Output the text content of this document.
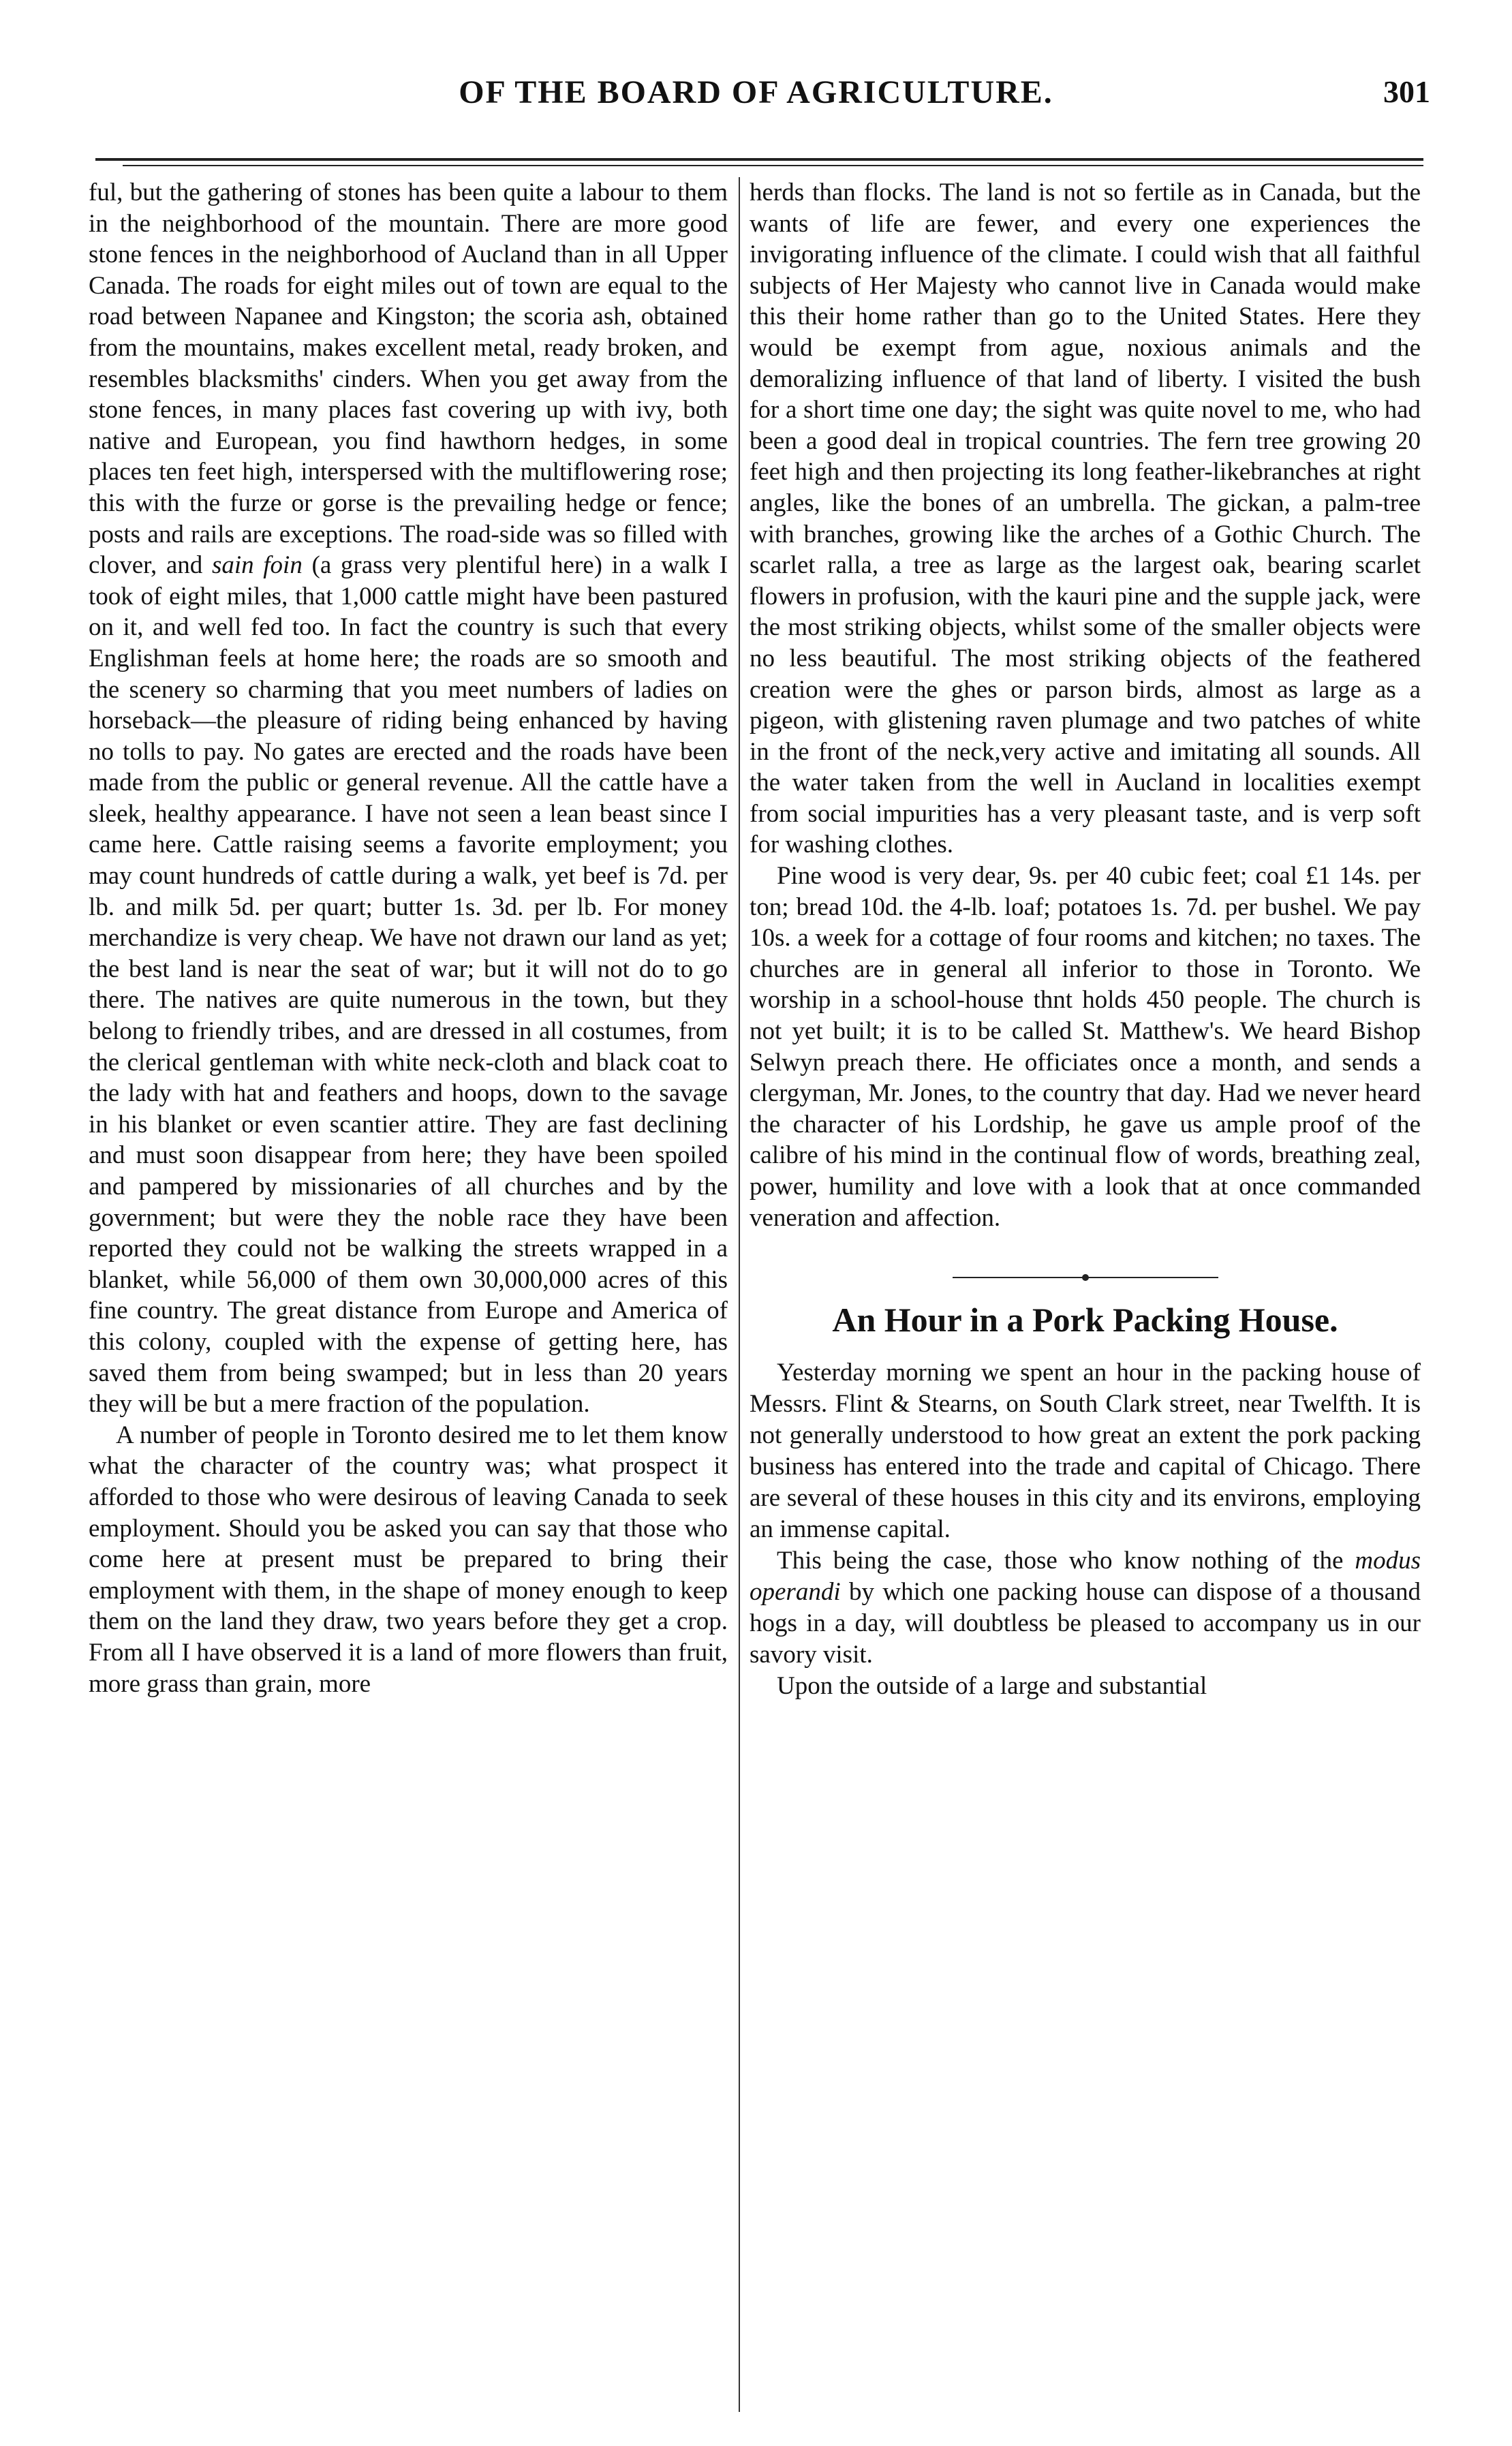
OF THE BOARD OF AGRICULTURE.	301

ful, but the gathering of stones has been quite a labour to them in the neighborhood of the mountain. There are more good stone fences in the neighborhood of Aucland than in all Upper Canada. The roads for eight miles out of town are equal to the road between Napanee and Kingston; the scoria ash, obtained from the mountains, makes excellent metal, ready broken, and resembles blacksmiths' cinders. When you get away from the stone fences, in many places fast covering up with ivy, both native and European, you find hawthorn hedges, in some places ten feet high, interspersed with the multiflowering rose; this with the furze or gorse is the prevailing hedge or fence; posts and rails are exceptions. The road-side was so filled with clover, and sain foin (a grass very plentiful here) in a walk I took of eight miles, that 1,000 cattle might have been pastured on it, and well fed too. In fact the country is such that every Englishman feels at home here; the roads are so smooth and the scenery so charming that you meet numbers of ladies on horseback—the pleasure of riding being enhanced by having no tolls to pay. No gates are erected and the roads have been made from the public or general revenue. All the cattle have a sleek, healthy appearance. I have not seen a lean beast since I came here. Cattle raising seems a favorite employment; you may count hundreds of cattle during a walk, yet beef is 7d. per lb. and milk 5d. per quart; butter 1s. 3d. per lb. For money merchandize is very cheap. We have not drawn our land as yet; the best land is near the seat of war; but it will not do to go there. The natives are quite numerous in the town, but they belong to friendly tribes, and are dressed in all costumes, from the clerical gentleman with white neck-cloth and black coat to the lady with hat and feathers and hoops, down to the savage in his blanket or even scantier attire. They are fast declining and must soon disappear from here; they have been spoiled and pampered by missionaries of all churches and by the government; but were they the noble race they have been reported they could not be walking the streets wrapped in a blanket, while 56,000 of them own 30,000,000 acres of this fine country. The great distance from Europe and America of this colony, coupled with the expense of getting here, has saved them from being swamped; but in less than 20 years they will be but a mere fraction of the population.

A number of people in Toronto desired me to let them know what the character of the country was; what prospect it afforded to those who were desirous of leaving Canada to seek employment. Should you be asked you can say that those who come here at present must be prepared to bring their employment with them, in the shape of money enough to keep them on the land they draw, two years before they get a crop. From all I have observed it is a land of more flowers than fruit, more grass than grain, more

herds than flocks. The land is not so fertile as in Canada, but the wants of life are fewer, and every one experiences the invigorating influence of the climate. I could wish that all faithful subjects of Her Majesty who cannot live in Canada would make this their home rather than go to the United States. Here they would be exempt from ague, noxious animals and the demoralizing influence of that land of liberty. I visited the bush for a short time one day; the sight was quite novel to me, who had been a good deal in tropical countries. The fern tree growing 20 feet high and then projecting its long feather-likebranches at right angles, like the bones of an umbrella. The gickan, a palm-tree with branches, growing like the arches of a Gothic Church. The scarlet ralla, a tree as large as the largest oak, bearing scarlet flowers in profusion, with the kauri pine and the supple jack, were the most striking objects, whilst some of the smaller objects were no less beautiful. The most striking objects of the feathered creation were the ghes or parson birds, almost as large as a pigeon, with glistening raven plumage and two patches of white in the front of the neck,very active and imitating all sounds. All the water taken from the well in Aucland in localities exempt from social impurities has a very pleasant taste, and is verp soft for washing clothes.

Pine wood is very dear, 9s. per 40 cubic feet; coal £1 14s. per ton; bread 10d. the 4-lb. loaf; potatoes 1s. 7d. per bushel. We pay 10s. a week for a cottage of four rooms and kitchen; no taxes. The churches are in general all inferior to those in Toronto. We worship in a school-house thnt holds 450 people. The church is not yet built; it is to be called St. Matthew's. We heard Bishop Selwyn preach there. He officiates once a month, and sends a clergyman, Mr. Jones, to the country that day. Had we never heard the character of his Lordship, he gave us ample proof of the calibre of his mind in the continual flow of words, breathing zeal, power, humility and love with a look that at once commanded veneration and affection.

An Hour in a Pork Packing House.

Yesterday morning we spent an hour in the packing house of Messrs. Flint & Stearns, on South Clark street, near Twelfth. It is not generally understood to how great an extent the pork packing business has entered into the trade and capital of Chicago. There are several of these houses in this city and its environs, employing an immense capital.

This being the case, those who know nothing of the modus operandi by which one packing house can dispose of a thousand hogs in a day, will doubtless be pleased to accompany us in our savory visit.

Upon the outside of a large and substantial
